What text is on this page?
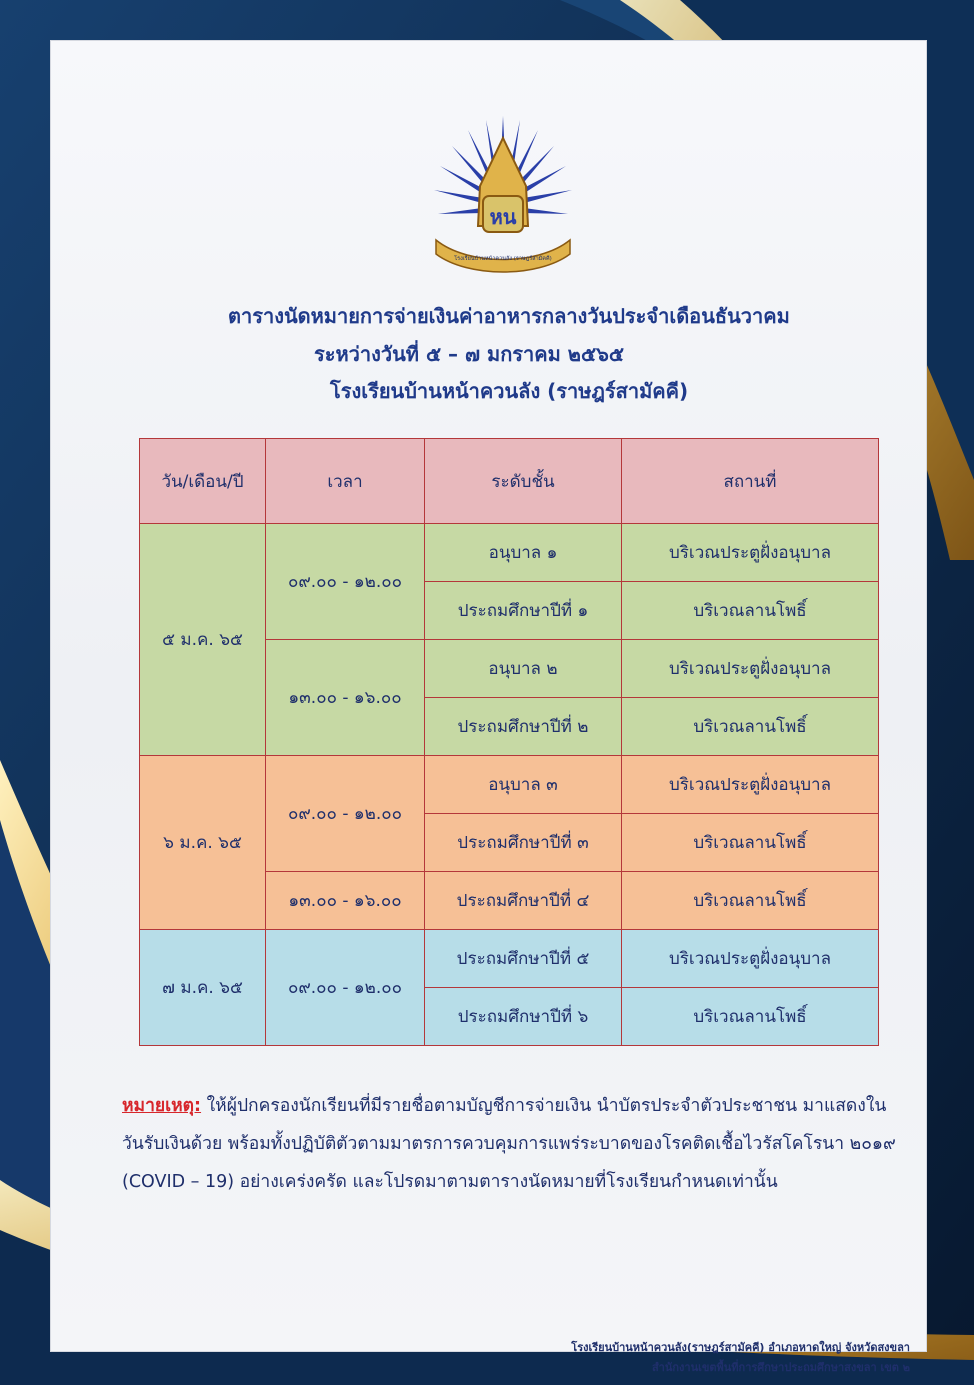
หน
โรงเรียนบ้านหน้าควนลัง (ราษฎร์สามัคคี)
ตารางนัดหมายการจ่ายเงินค่าอาหารกลางวันประจำเดือนธันวาคม
ระหว่างวันที่ ๕ – ๗ มกราคม ๒๕๖๕
โรงเรียนบ้านหน้าควนลัง (ราษฎร์สามัคคี)
วัน/เดือน/ปี	เวลา	ระดับชั้น	สถานที่
๕ ม.ค. ๖๕	๐๙.๐๐ - ๑๒.๐๐	อนุบาล ๑	บริเวณประตูฝั่งอนุบาล
		ประถมศึกษาปีที่ ๑	บริเวณลานโพธิ์
	๑๓.๐๐ - ๑๖.๐๐	อนุบาล ๒	บริเวณประตูฝั่งอนุบาล
		ประถมศึกษาปีที่ ๒	บริเวณลานโพธิ์
๖ ม.ค. ๖๕	๐๙.๐๐ - ๑๒.๐๐	อนุบาล ๓	บริเวณประตูฝั่งอนุบาล
		ประถมศึกษาปีที่ ๓	บริเวณลานโพธิ์
	๑๓.๐๐ - ๑๖.๐๐	ประถมศึกษาปีที่ ๔	บริเวณลานโพธิ์
๗ ม.ค. ๖๕	๐๙.๐๐ - ๑๒.๐๐	ประถมศึกษาปีที่ ๕	บริเวณประตูฝั่งอนุบาล
		ประถมศึกษาปีที่ ๖	บริเวณลานโพธิ์
หมายเหตุ: ให้ผู้ปกครองนักเรียนที่มีรายชื่อตามบัญชีการจ่ายเงิน นำบัตรประจำตัวประชาชน มาแสดงในวันรับเงินด้วย พร้อมทั้งปฏิบัติตัวตามมาตรการควบคุมการแพร่ระบาดของโรคติดเชื้อไวรัสโคโรนา ๒๐๑๙ (COVID – 19) อย่างเคร่งครัด และโปรดมาตามตารางนัดหมายที่โรงเรียนกำหนดเท่านั้น
โรงเรียนบ้านหน้าควนลัง(ราษฎร์สามัคคี) อำเภอหาดใหญ่ จังหวัดสงขลา
สำนักงานเขตพื้นที่การศึกษาประถมศึกษาสงขลา เขต ๒
